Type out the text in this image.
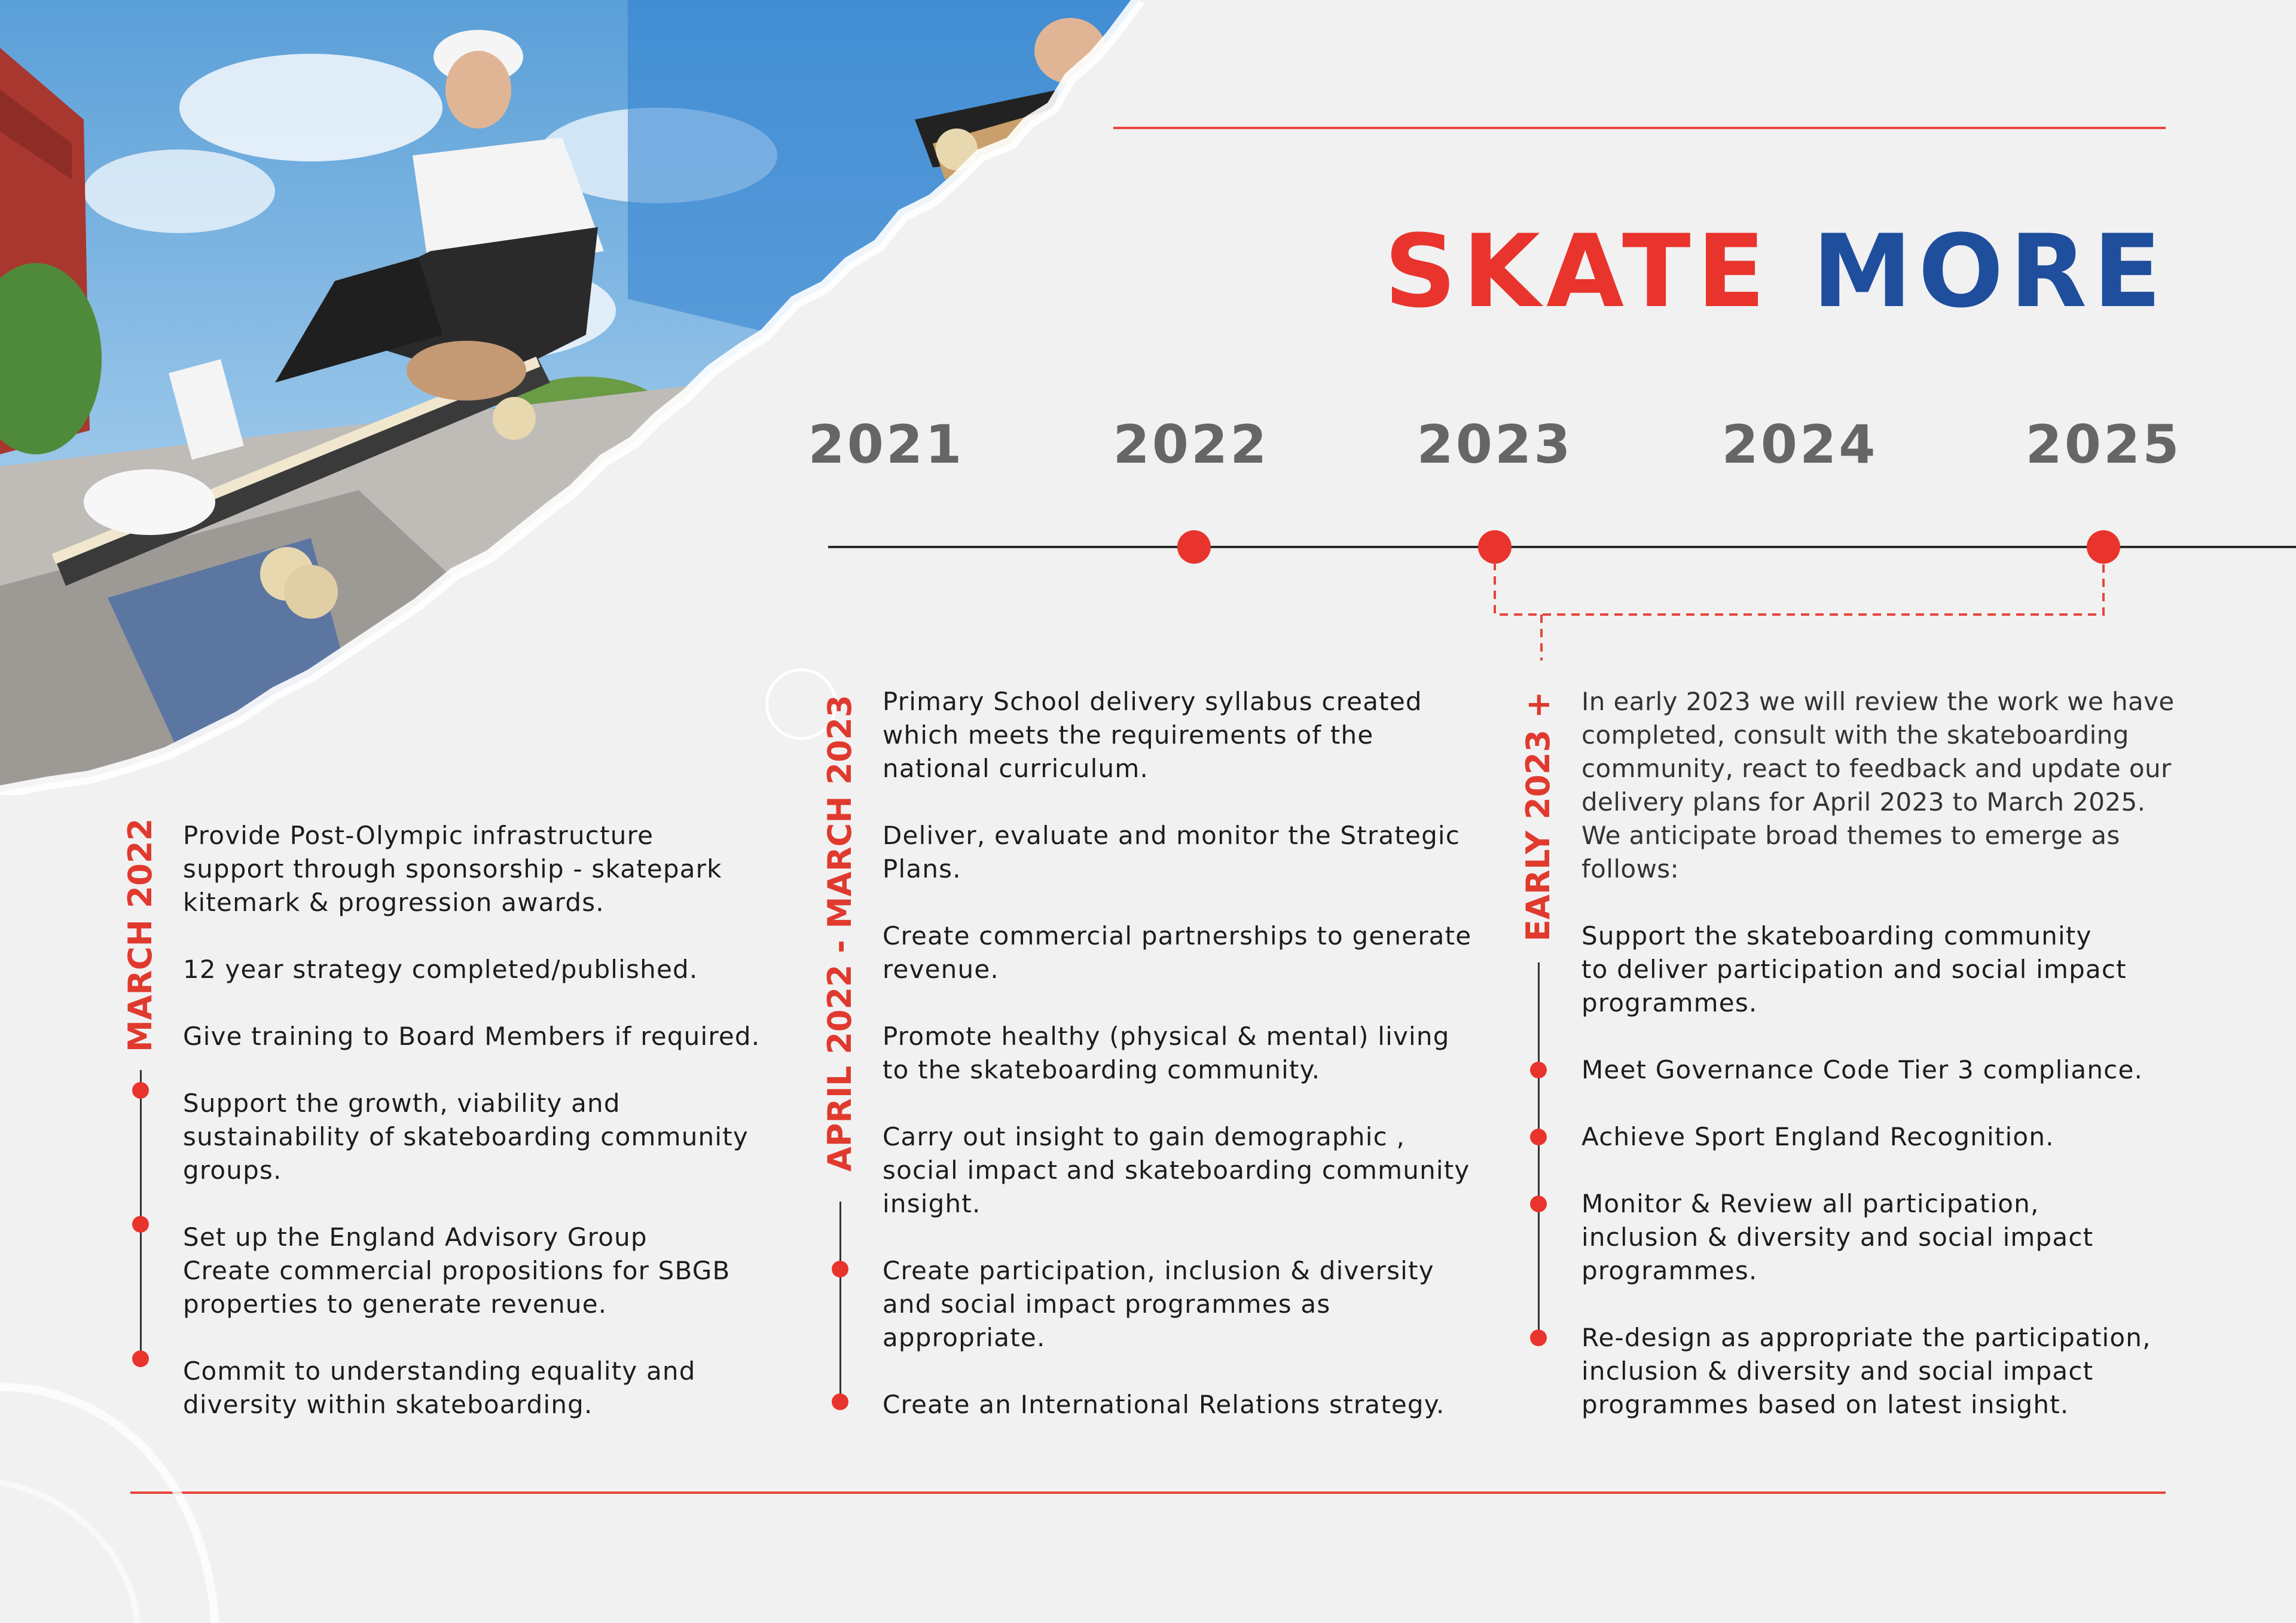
SKATE MORE
2021	2022	2023	2024	2025
MARCH 2022 Provide Post-Olympic infrastructure
support through sponsorship - skatepark
kitemark & progression awards.

12 year strategy completed/published.

Give training to Board Members if required.

Support the growth, viability and
sustainability of skateboarding community
groups.

Set up the England Advisory Group
Create commercial propositions for SBGB
properties to generate revenue.

Commit to understanding equality and
diversity within skateboarding.

APRIL 2022 - MARCH 2023 Primary School delivery syllabus created
which meets the requirements of the
national curriculum.

Deliver, evaluate and monitor the Strategic
Plans.

Create commercial partnerships to generate
revenue.

Promote healthy (physical & mental) living
to the skateboarding community.

Carry out insight to gain demographic ,
social impact and skateboarding community
insight.

Create participation, inclusion & diversity
and social impact programmes as
appropriate.

Create an International Relations strategy.

EARLY 2023 + In early 2023 we will review the work we have
completed, consult with the skateboarding
community, react to feedback and update our
delivery plans for April 2023 to March 2025.
We anticipate broad themes to emerge as
follows:

Support the skateboarding community
to deliver participation and social impact
programmes.

Meet Governance Code Tier 3 compliance.

Achieve Sport England Recognition.

Monitor & Review all participation,
inclusion & diversity and social impact
programmes.

Re-design as appropriate the participation,
inclusion & diversity and social impact
programmes based on latest insight.
